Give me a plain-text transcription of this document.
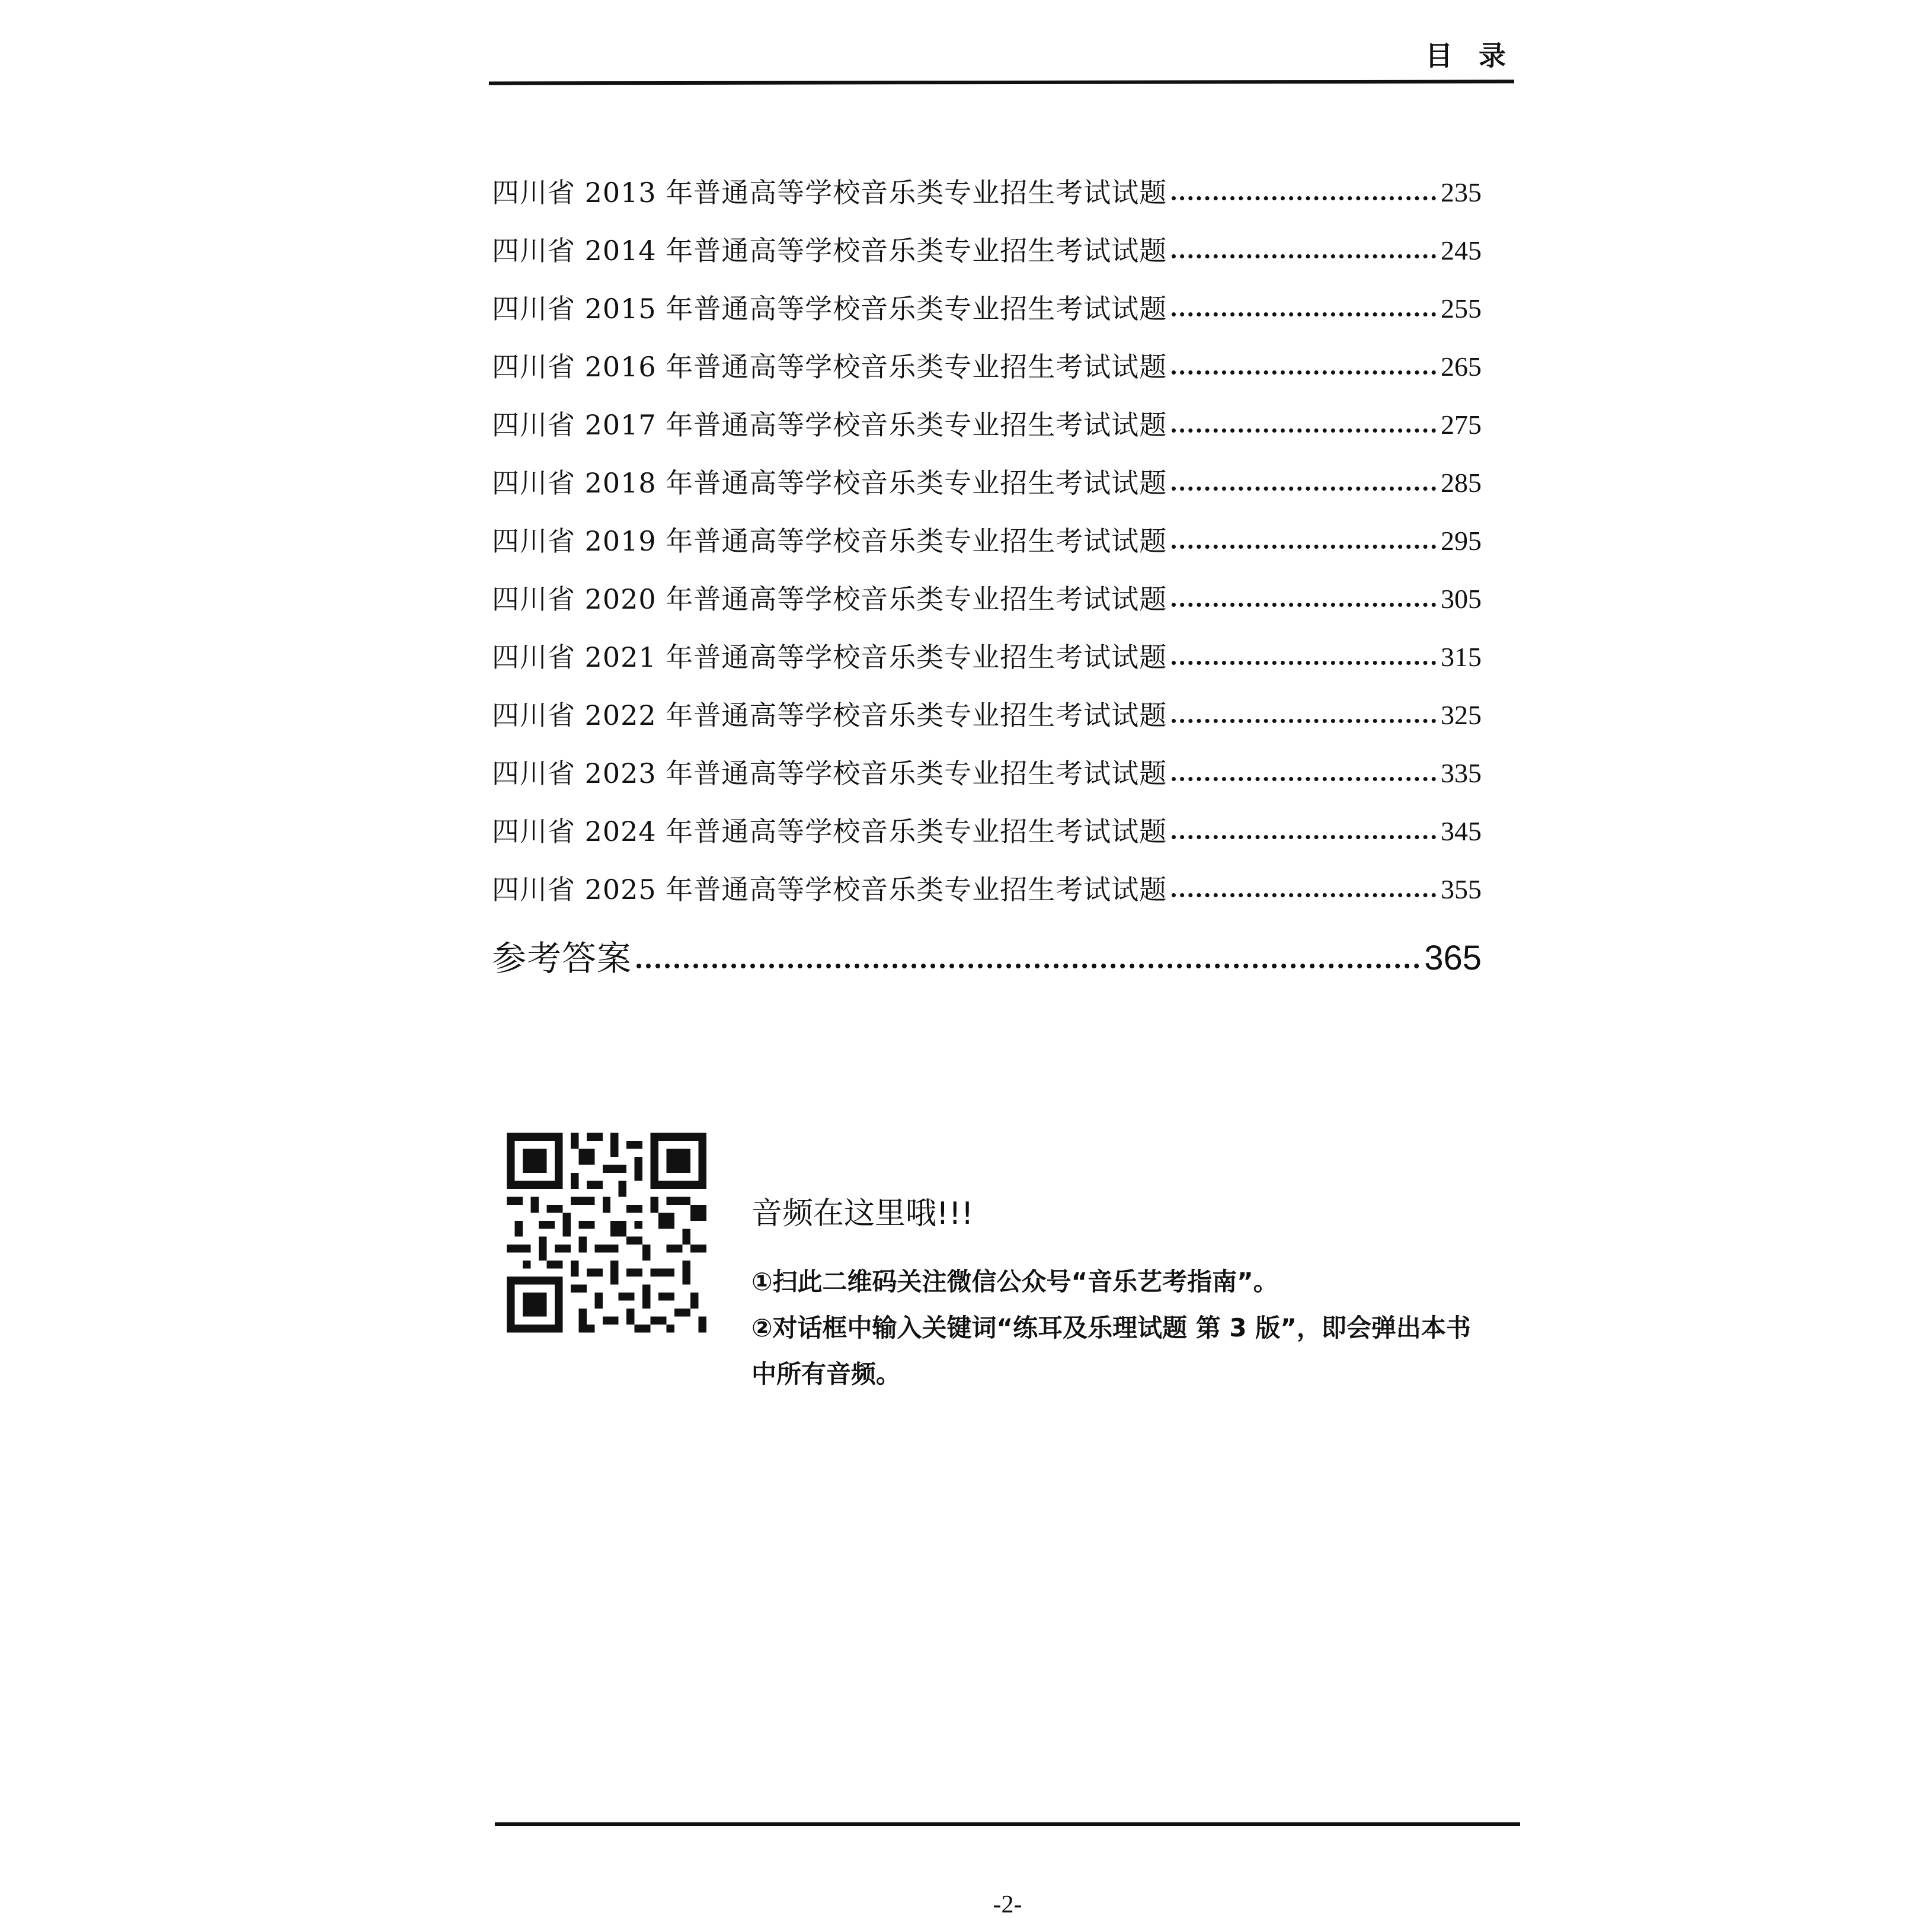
目 录
四川省 2013 年普通高等学校音乐类专业招生考试试题	235
四川省 2014 年普通高等学校音乐类专业招生考试试题	245
四川省 2015 年普通高等学校音乐类专业招生考试试题	255
四川省 2016 年普通高等学校音乐类专业招生考试试题	265
四川省 2017 年普通高等学校音乐类专业招生考试试题	275
四川省 2018 年普通高等学校音乐类专业招生考试试题	285
四川省 2019 年普通高等学校音乐类专业招生考试试题	295
四川省 2020 年普通高等学校音乐类专业招生考试试题	305
四川省 2021 年普通高等学校音乐类专业招生考试试题	315
四川省 2022 年普通高等学校音乐类专业招生考试试题	325
四川省 2023 年普通高等学校音乐类专业招生考试试题	335
四川省 2024 年普通高等学校音乐类专业招生考试试题	345
四川省 2025 年普通高等学校音乐类专业招生考试试题	355
参考答案	365
音频在这里哦!!!
①扫此二维码关注微信公众号“音乐艺考指南”。
②对话框中输入关键词“练耳及乐理试题 第 3 版”，即会弹出本书
中所有音频。
-2-
